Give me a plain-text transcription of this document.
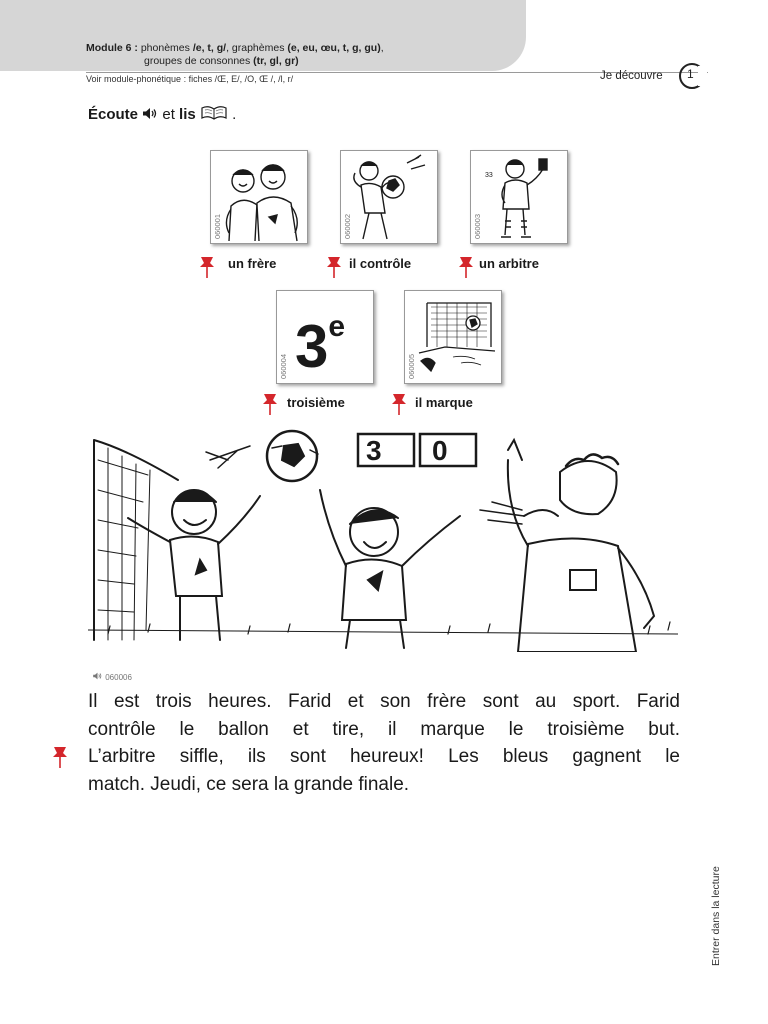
Module 6 : phonèmes /e, t, g/, graphèmes (e, eu, œu, t, g, gu),
groupes de consonnes (tr, gl, gr)
Voir module-phonétique : fiches /Œ, E/, /O, Œ /, /l, r/	Je découvre 1
Écoute et lis .
060001	060002
33
060003
3e
060004	060005
un frère	il contrôle	un arbitre
troisième	il marque
3 0
060006
Il est trois heures. Farid et son frère sont au sport. Farid
contrôle le ballon et tire, il marque le troisième but.
L’arbitre siffle, ils sont heureux! Les bleus gagnent le
match. Jeudi, ce sera la grande finale.
Entrer dans la lecture
